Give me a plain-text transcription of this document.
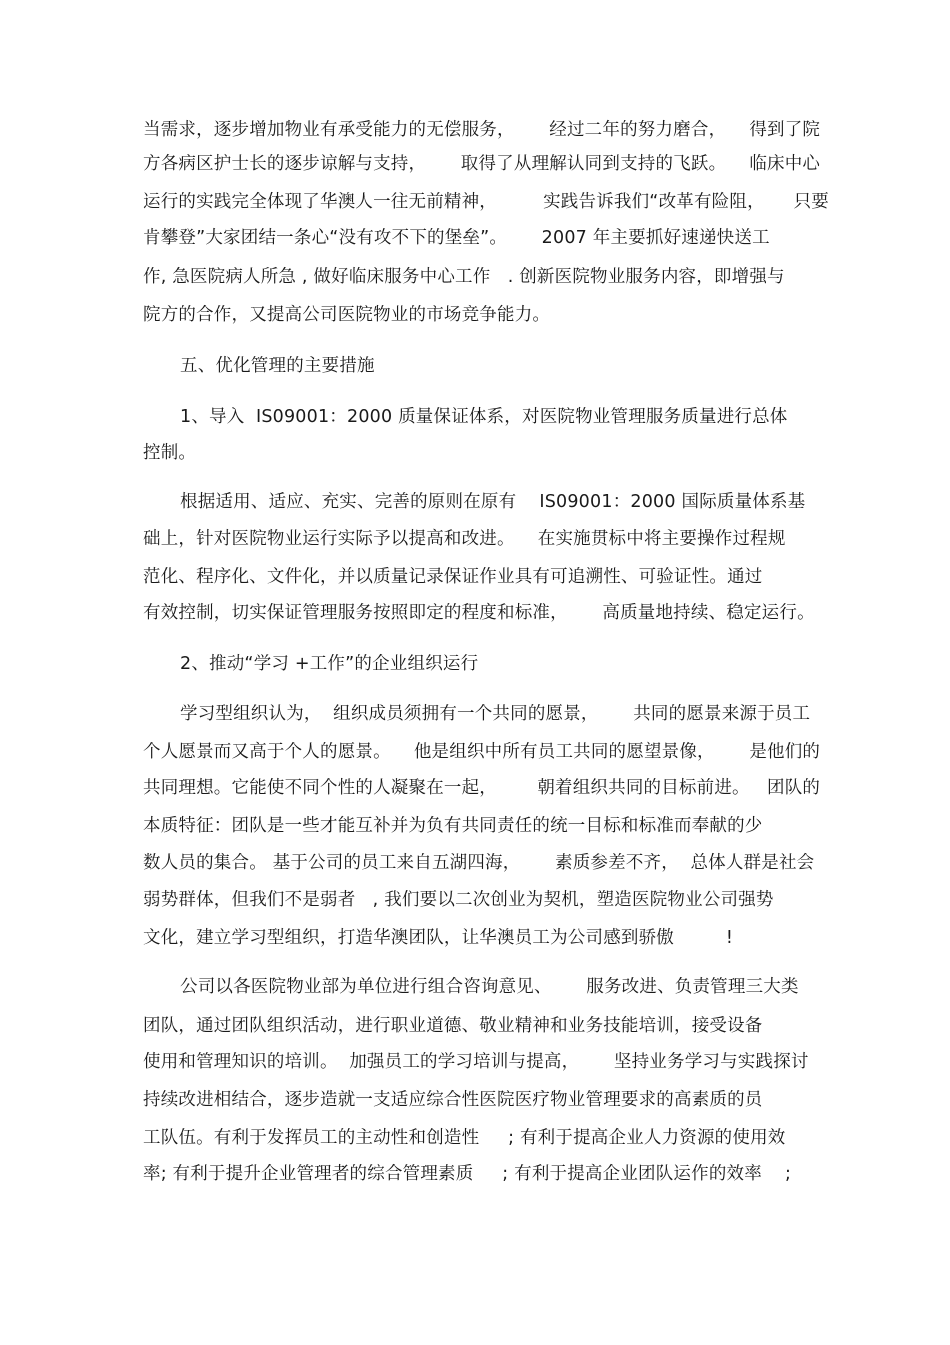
当需求，逐步增加物业有承受能力的无偿服务，      经过二年的努力磨合，    得到了院
方各病区护士长的逐步谅解与支持，      取得了从理解认同到支持的飞跃。    临床中心
运行的实践完全体现了华澳人一往无前精神，        实践告诉我们“改革有险阻，     只要
肯攀登”大家团结一条心“没有攻不下的堡垒”。      2007 年主要抓好速递快送工
作, 急医院病人所急 , 做好临床服务中心工作   . 创新医院物业服务内容，即增强与
院方的合作，又提高公司医院物业的市场竞争能力。
五、优化管理的主要措施
1、导入  IS09001：2000 质量保证体系，对医院物业管理服务质量进行总体
控制。
根据适用、适应、充实、完善的原则在原有    IS09001：2000 国际质量体系基
础上，针对医院物业运行实际予以提高和改进。    在实施贯标中将主要操作过程规
范化、程序化、文件化，并以质量记录保证作业具有可追溯性、可验证性。通过
有效控制，切实保证管理服务按照即定的程度和标准，      高质量地持续、稳定运行。
2、推动“学习 +工作”的企业组织运行
学习型组织认为，  组织成员须拥有一个共同的愿景，      共同的愿景来源于员工
个人愿景而又高于个人的愿景。    他是组织中所有员工共同的愿望景像，      是他们的
共同理想。它能使不同个性的人凝聚在一起，       朝着组织共同的目标前进。   团队的
本质特征：团队是一些才能互补并为负有共同责任的统一目标和标准而奉献的少
数人员的集合。 基于公司的员工来自五湖四海，      素质参差不齐，  总体人群是社会
弱势群体，但我们不是弱者   , 我们要以二次创业为契机，塑造医院物业公司强势
文化，建立学习型组织，打造华澳团队，让华澳员工为公司感到骄傲         !
公司以各医院物业部为单位进行组合咨询意见、      服务改进、负责管理三大类
团队，通过团队组织活动，进行职业道德、敬业精神和业务技能培训，接受设备
使用和管理知识的培训。  加强员工的学习培训与提高，      坚持业务学习与实践探讨
持续改进相结合，逐步造就一支适应综合性医院医疗物业管理要求的高素质的员
工队伍。有利于发挥员工的主动性和创造性     ; 有利于提高企业人力资源的使用效
率; 有利于提升企业管理者的综合管理素质     ; 有利于提高企业团队运作的效率    ;
